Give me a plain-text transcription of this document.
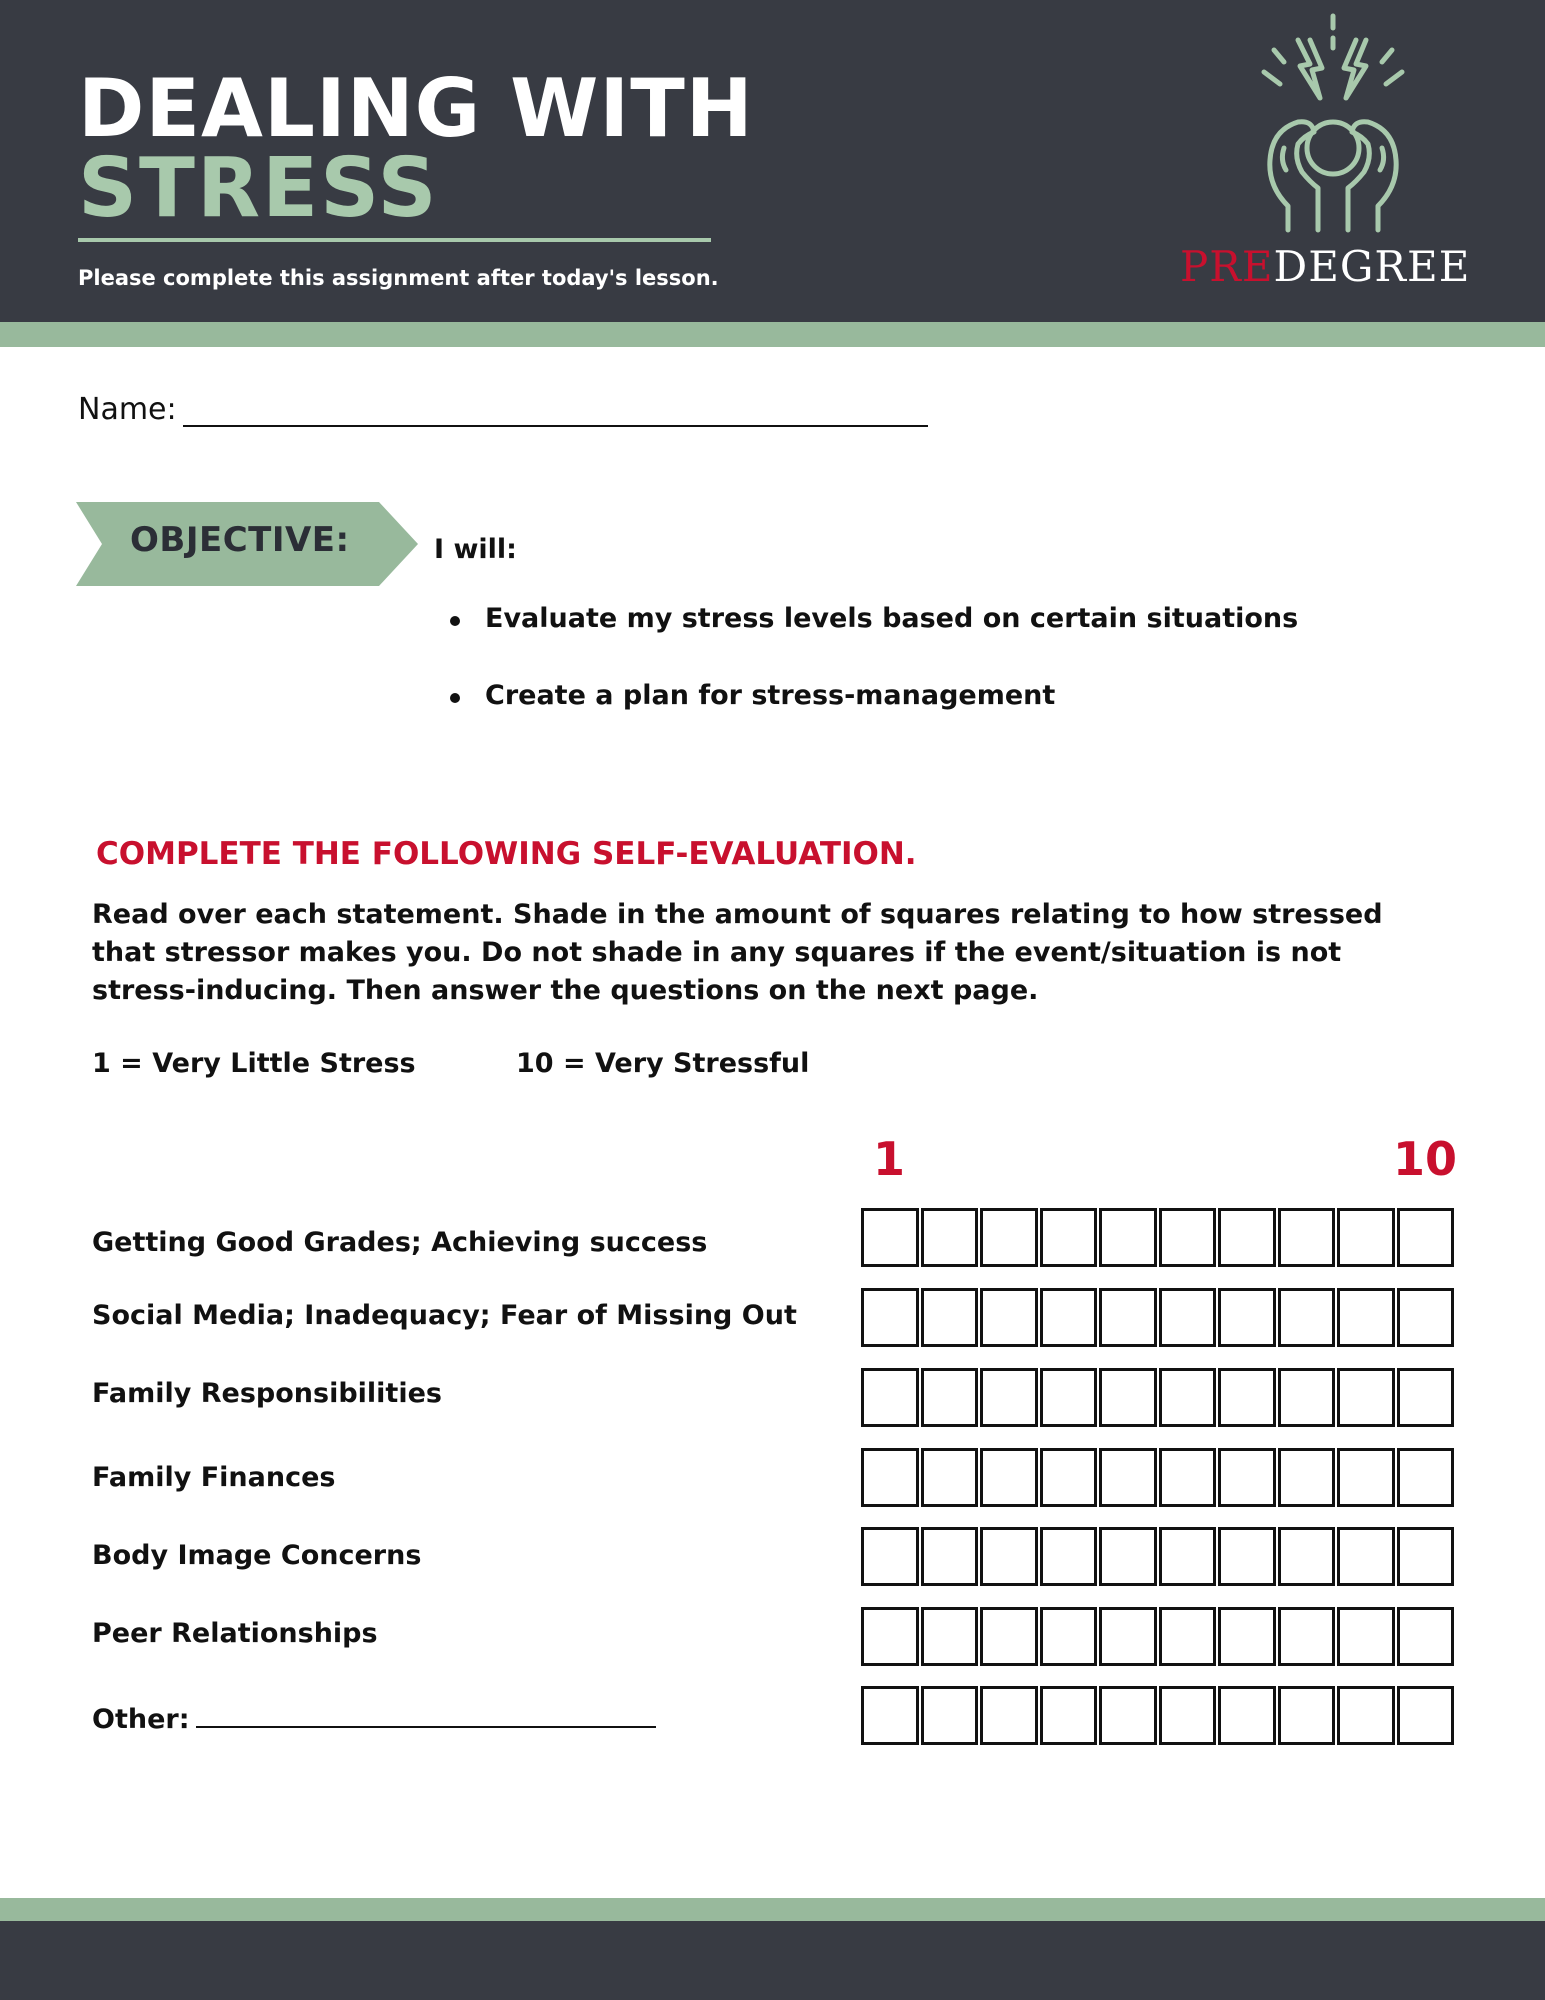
DEALING WITH
STRESS
Please complete this assignment after today's lesson.	PREDEGREE
Name:
OBJECTIVE:	I will:
Evaluate my stress levels based on certain situations
Create a plan for stress-management
COMPLETE THE FOLLOWING SELF-EVALUATION.
Read over each statement. Shade in the amount of squares relating to how stressed that stressor makes you. Do not shade in any squares if the event/situation is not stress-inducing. Then answer the questions on the next page.
1 = Very Little Stress	10 = Very Stressful
1	10
Getting Good Grades; Achieving success
Social Media; Inadequacy; Fear of Missing Out
Family Responsibilities
Family Finances
Body Image Concerns
Peer Relationships
Other:
